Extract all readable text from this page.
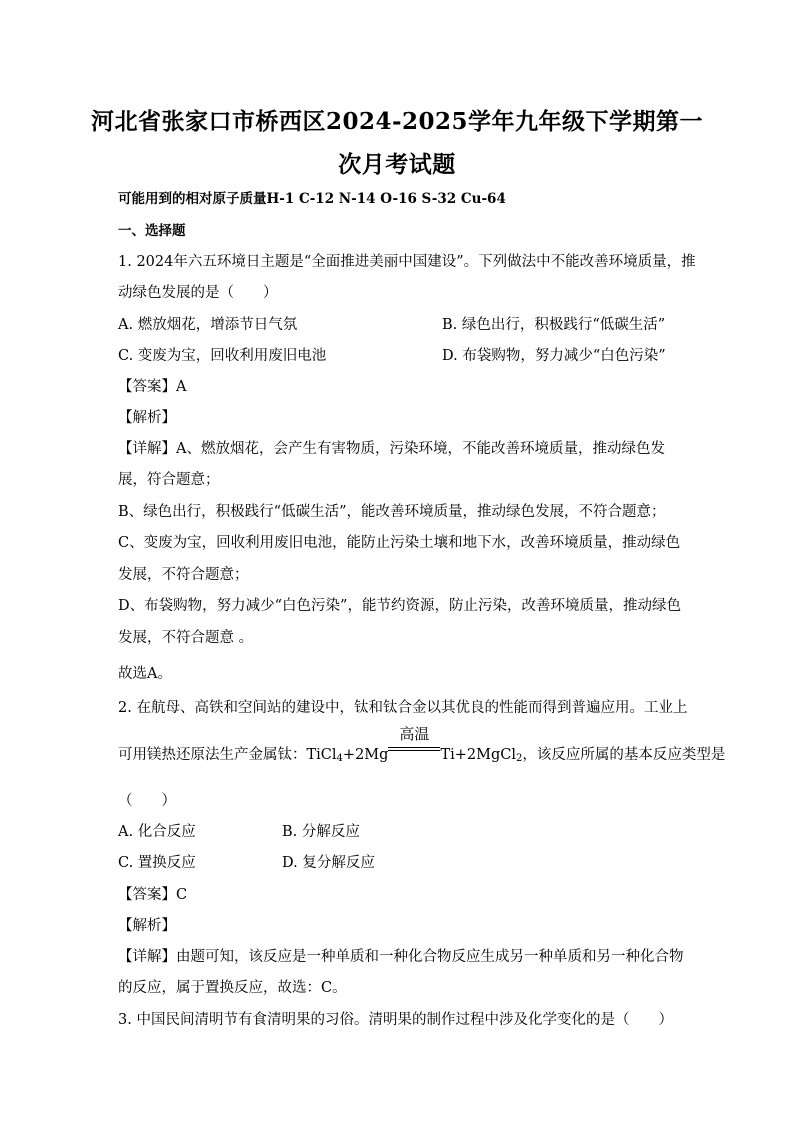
河北省张家口市桥西区2024-2025学年九年级下学期第一
次月考试题
可能用到的相对原子质量H-1 C-12 N-14 O-16 S-32 Cu-64
一、选择题
1. 2024年六五环境日主题是“全面推进美丽中国建设”。下列做法中不能改善环境质量，推
动绿色发展的是（　　）
A. 燃放烟花，增添节日气氛	B. 绿色出行，积极践行“低碳生活”
C. 变废为宝，回收利用废旧电池	D. 布袋购物，努力减少“白色污染”
【答案】A
【解析】
【详解】A、燃放烟花，会产生有害物质，污染环境，不能改善环境质量，推动绿色发
展，符合题意；
B、绿色出行，积极践行“低碳生活”，能改善环境质量，推动绿色发展，不符合题意；
C、变废为宝，回收利用废旧电池，能防止污染土壤和地下水，改善环境质量，推动绿色
发展，不符合题意；
D、布袋购物，努力减少“白色污染”，能节约资源，防止污染，改善环境质量，推动绿色
发展，不符合题意 。
故选A。
2. 在航母、高铁和空间站的建设中，钛和钛合金以其优良的性能而得到普遍应用。工业上
可用镁热还原法生产金属钛：TiCl$_4$+2Mg
高温
Ti+2MgCl$_2$，该反应所属的基本反应类型是
（　　）
A. 化合反应	B. 分解反应
C. 置换反应	D. 复分解反应
【答案】C
【解析】
【详解】由题可知，该反应是一种单质和一种化合物反应生成另一种单质和另一种化合物
的反应，属于置换反应，故选：C。
3. 中国民间清明节有食清明果的习俗。清明果的制作过程中涉及化学变化的是（　　）
